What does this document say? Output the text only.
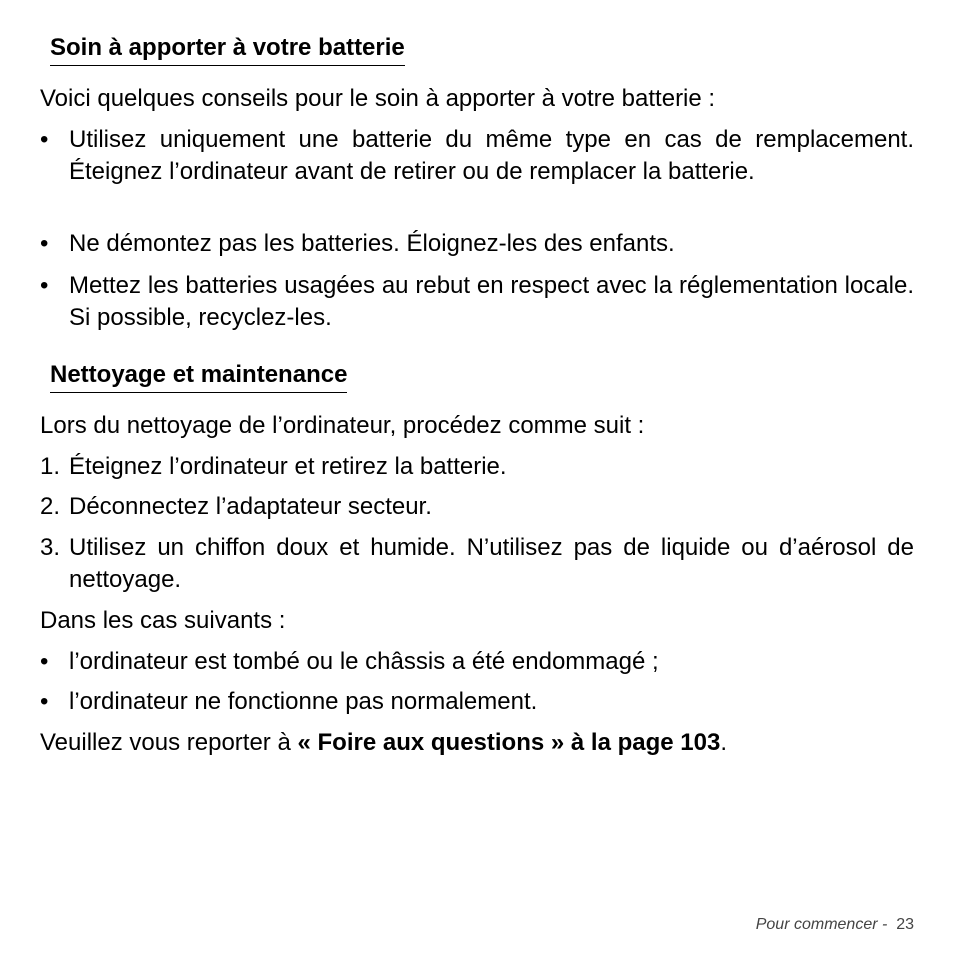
Soin à apporter à votre batterie
Voici quelques conseils pour le soin à apporter à votre batterie :
• Utilisez uniquement une batterie du même type en cas de remplacement. Éteignez l’ordinateur avant de retirer ou de remplacer la batterie.
• Ne démontez pas les batteries. Éloignez-les des enfants.
• Mettez les batteries usagées au rebut en respect avec la réglementation locale. Si possible, recyclez-les.
Nettoyage et maintenance
Lors du nettoyage de l’ordinateur, procédez comme suit :
1. Éteignez l’ordinateur et retirez la batterie.
2. Déconnectez l’adaptateur secteur.
3. Utilisez un chiffon doux et humide. N’utilisez pas de liquide ou d’aérosol de nettoyage.
Dans les cas suivants :
• l’ordinateur est tombé ou le châssis a été endommagé ;
• l’ordinateur ne fonctionne pas normalement.
Veuillez vous reporter à « Foire aux questions » à la page 103.
Pour commencer -  23
